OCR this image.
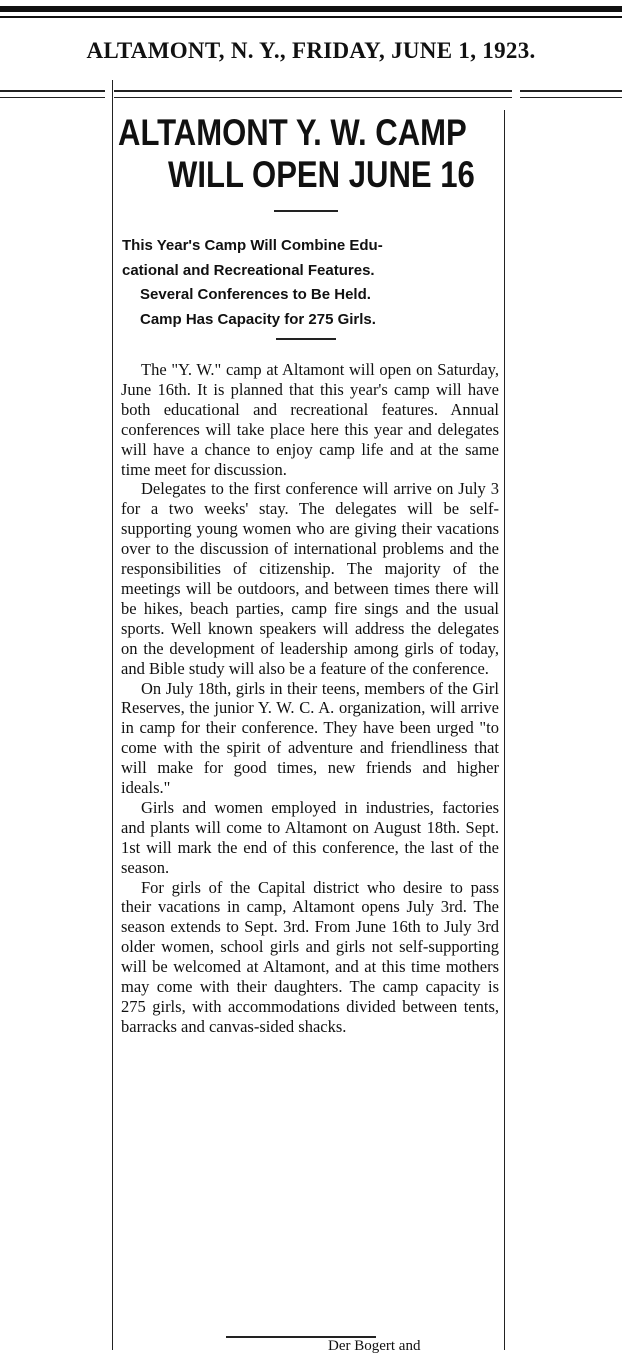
ALTAMONT, N. Y., FRIDAY, JUNE 1, 1923.
ALTAMONT Y. W. CAMP
WILL OPEN JUNE 16
This Year's Camp Will Combine Edu-
cational and Recreational Features.
Several Conferences to Be Held.
Camp Has Capacity for 275 Girls.

The "Y. W." camp at Altamont will open on Saturday, June 16th. It is planned that this year's camp will have both educational and recreational features. Annual conferences will take place here this year and delegates will have a chance to enjoy camp life and at the same time meet for discussion.

Delegates to the first conference will arrive on July 3 for a two weeks' stay. The delegates will be self-supporting young women who are giving their vacations over to the discussion of international problems and the responsibilities of citizenship. The majority of the meetings will be outdoors, and between times there will be hikes, beach parties, camp fire sings and the usual sports. Well known speakers will address the delegates on the development of leadership among girls of today, and Bible study will also be a feature of the conference.

On July 18th, girls in their teens, members of the Girl Reserves, the junior Y. W. C. A. organization, will arrive in camp for their conference. They have been urged "to come with the spirit of adventure and friendliness that will make for good times, new friends and higher ideals."

Girls and women employed in industries, factories and plants will come to Altamont on August 18th. Sept. 1st will mark the end of this conference, the last of the season.

For girls of the Capital district who desire to pass their vacations in camp, Altamont opens July 3rd. The season extends to Sept. 3rd. From June 16th to July 3rd older women, school girls and girls not self-supporting will be welcomed at Altamont, and at this time mothers may come with their daughters. The camp capacity is 275 girls, with accommodations divided between tents, barracks and canvas-sided shacks.

Der Bogert and
